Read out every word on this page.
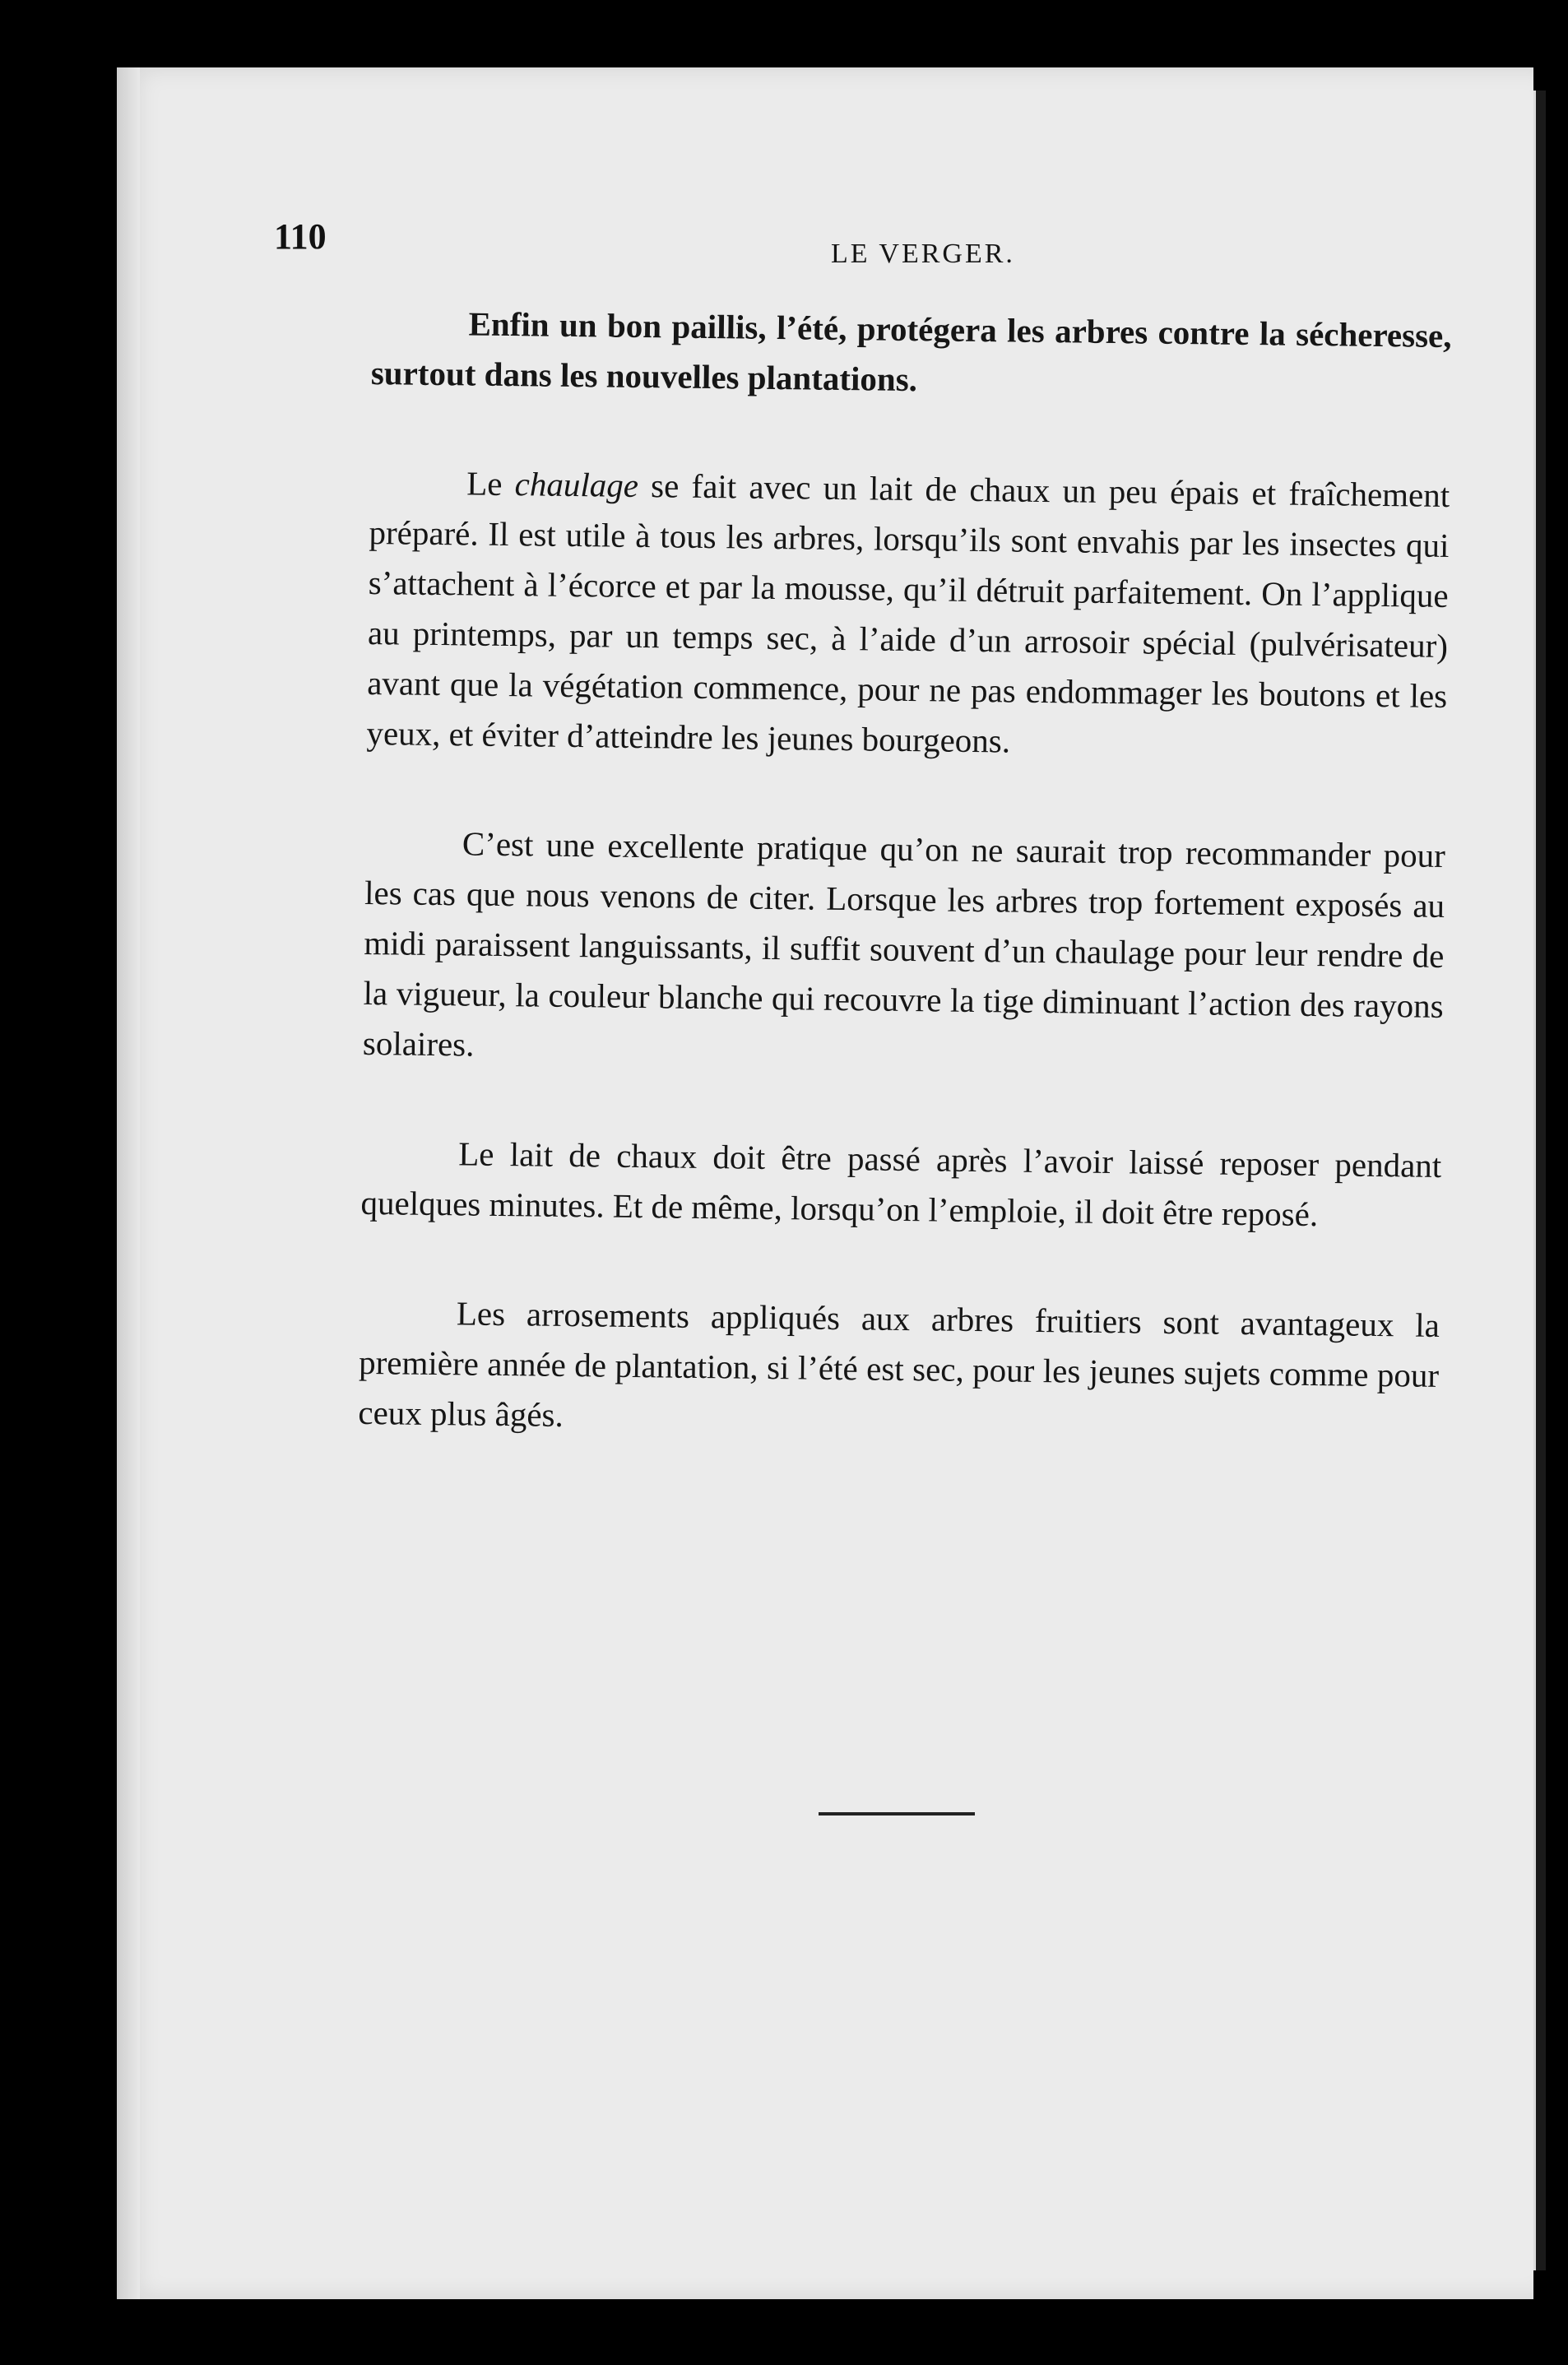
110	LE VERGER.

Enfin un bon paillis, l’été, protégera les arbres contre la sécheresse, surtout dans les nouvelles plantations.

Le chaulage se fait avec un lait de chaux un peu épais et fraîchement préparé. Il est utile à tous les arbres, lorsqu’ils sont envahis par les insectes qui s’attachent à l’écorce et par la mousse, qu’il détruit parfaitement. On l’applique au printemps, par un temps sec, à l’aide d’un arrosoir spécial (pulvérisateur) avant que la végétation commence, pour ne pas endommager les boutons et les yeux, et éviter d’atteindre les jeunes bourgeons.

C’est une excellente pratique qu’on ne saurait trop recommander pour les cas que nous venons de citer. Lorsque les arbres trop fortement exposés au midi paraissent languissants, il suffit souvent d’un chaulage pour leur rendre de la vigueur, la couleur blanche qui recouvre la tige diminuant l’action des rayons solaires.

Le lait de chaux doit être passé après l’avoir laissé reposer pendant quelques minutes. Et de même, lorsqu’on l’emploie, il doit être reposé.

Les arrosements appliqués aux arbres fruitiers sont avantageux la première année de plantation, si l’été est sec, pour les jeunes sujets comme pour ceux plus âgés.
